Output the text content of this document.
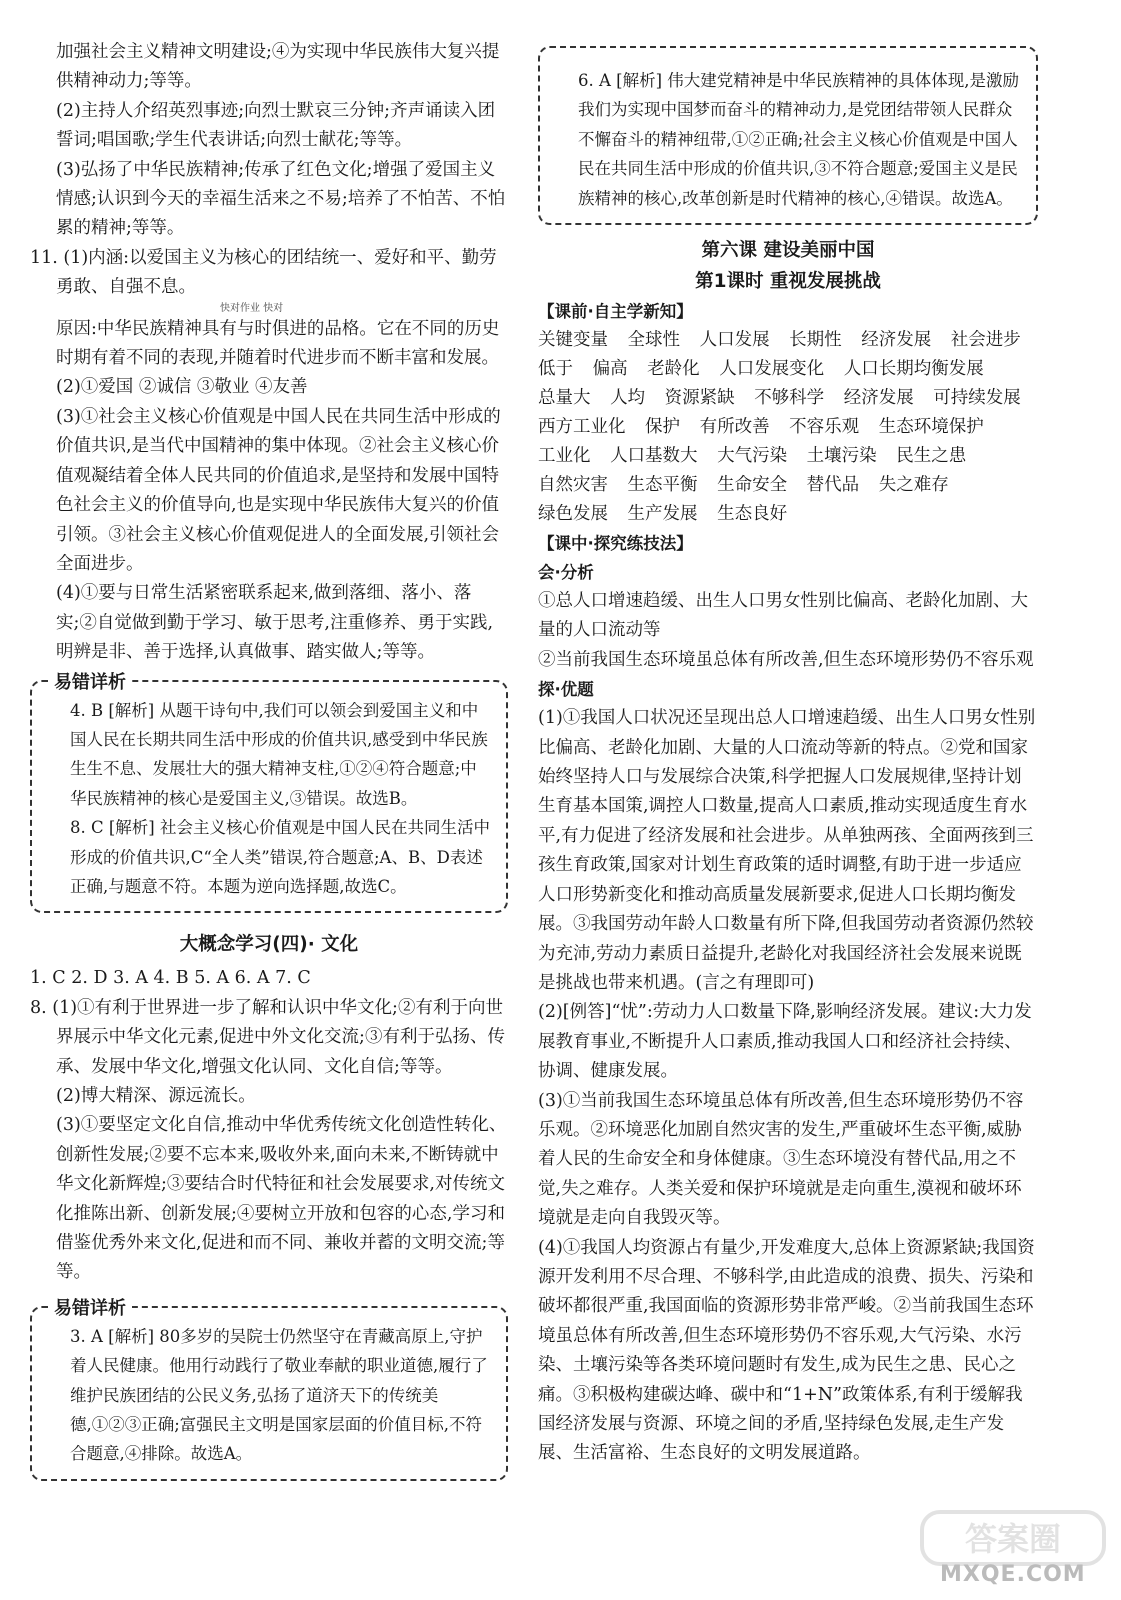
加强社会主义精神文明建设;④为实现中华民族伟大复兴提供精神动力;等等。

(2)主持人介绍英烈事迹;向烈士默哀三分钟;齐声诵读入团誓词;唱国歌;学生代表讲话;向烈士献花;等等。

(3)弘扬了中华民族精神;传承了红色文化;增强了爱国主义情感;认识到今天的幸福生活来之不易;培养了不怕苦、不怕累的精神;等等。

11. (1)内涵:以爱国主义为核心的团结统一、爱好和平、勤劳勇敢、自强不息。

快对作业 快对

原因:中华民族精神具有与时俱进的品格。它在不同的历史时期有着不同的表现,并随着时代进步而不断丰富和发展。

(2)①爱国 ②诚信 ③敬业 ④友善

(3)①社会主义核心价值观是中国人民在共同生活中形成的价值共识,是当代中国精神的集中体现。②社会主义核心价值观凝结着全体人民共同的价值追求,是坚持和发展中国特色社会主义的价值导向,也是实现中华民族伟大复兴的价值引领。③社会主义核心价值观促进人的全面发展,引领社会全面进步。

(4)①要与日常生活紧密联系起来,做到落细、落小、落实;②自觉做到勤于学习、敏于思考,注重修养、勇于实践,明辨是非、善于选择,认真做事、踏实做人;等等。

易错详析

4. B [解析] 从题干诗句中,我们可以领会到爱国主义和中国人民在长期共同生活中形成的价值共识,感受到中华民族生生不息、发展壮大的强大精神支柱,①②④符合题意;中华民族精神的核心是爱国主义,③错误。故选B。

8. C [解析] 社会主义核心价值观是中国人民在共同生活中形成的价值共识,C“全人类”错误,符合题意;A、B、D表述正确,与题意不符。本题为逆向选择题,故选C。

大概念学习(四)· 文化

1. C 2. D 3. A 4. B 5. A 6. A 7. C

8. (1)①有利于世界进一步了解和认识中华文化;②有利于向世界展示中华文化元素,促进中外文化交流;③有利于弘扬、传承、发展中华文化,增强文化认同、文化自信;等等。

(2)博大精深、源远流长。

(3)①要坚定文化自信,推动中华优秀传统文化创造性转化、创新性发展;②要不忘本来,吸收外来,面向未来,不断铸就中华文化新辉煌;③要结合时代特征和社会发展要求,对传统文化推陈出新、创新发展;④要树立开放和包容的心态,学习和借鉴优秀外来文化,促进和而不同、兼收并蓄的文明交流;等等。

易错详析

3. A [解析] 80多岁的吴院士仍然坚守在青藏高原上,守护着人民健康。他用行动践行了敬业奉献的职业道德,履行了维护民族团结的公民义务,弘扬了道济天下的传统美德,①②③正确;富强民主文明是国家层面的价值目标,不符合题意,④排除。故选A。

6. A [解析] 伟大建党精神是中华民族精神的具体体现,是激励我们为实现中国梦而奋斗的精神动力,是党团结带领人民群众不懈奋斗的精神纽带,①②正确;社会主义核心价值观是中国人民在共同生活中形成的价值共识,③不符合题意;爱国主义是民族精神的核心,改革创新是时代精神的核心,④错误。故选A。

第六课 建设美丽中国

第1课时 重视发展挑战

【课前·自主学新知】

关键变量 全球性 人口发展 长期性 经济发展 社会进步

低于 偏高 老龄化 人口发展变化 人口长期均衡发展

总量大 人均 资源紧缺 不够科学 经济发展 可持续发展

西方工业化 保护 有所改善 不容乐观 生态环境保护

工业化 人口基数大 大气污染 土壤污染 民生之患

自然灾害 生态平衡 生命安全 替代品 失之难存

绿色发展 生产发展 生态良好

【课中·探究练技法】

会·分析

①总人口增速趋缓、出生人口男女性别比偏高、老龄化加剧、大量的人口流动等

②当前我国生态环境虽总体有所改善,但生态环境形势仍不容乐观

探·优题

(1)①我国人口状况还呈现出总人口增速趋缓、出生人口男女性别比偏高、老龄化加剧、大量的人口流动等新的特点。②党和国家始终坚持人口与发展综合决策,科学把握人口发展规律,坚持计划生育基本国策,调控人口数量,提高人口素质,推动实现适度生育水平,有力促进了经济发展和社会进步。从单独两孩、全面两孩到三孩生育政策,国家对计划生育政策的适时调整,有助于进一步适应人口形势新变化和推动高质量发展新要求,促进人口长期均衡发展。③我国劳动年龄人口数量有所下降,但我国劳动者资源仍然较为充沛,劳动力素质日益提升,老龄化对我国经济社会发展来说既是挑战也带来机遇。(言之有理即可)

(2)[例答]“忧”:劳动力人口数量下降,影响经济发展。建议:大力发展教育事业,不断提升人口素质,推动我国人口和经济社会持续、协调、健康发展。

(3)①当前我国生态环境虽总体有所改善,但生态环境形势仍不容乐观。②环境恶化加剧自然灾害的发生,严重破坏生态平衡,威胁着人民的生命安全和身体健康。③生态环境没有替代品,用之不觉,失之难存。人类关爱和保护环境就是走向重生,漠视和破坏环境就是走向自我毁灭等。

(4)①我国人均资源占有量少,开发难度大,总体上资源紧缺;我国资源开发利用不尽合理、不够科学,由此造成的浪费、损失、污染和破坏都很严重,我国面临的资源形势非常严峻。②当前我国生态环境虽总体有所改善,但生态环境形势仍不容乐观,大气污染、水污染、土壤污染等各类环境问题时有发生,成为民生之患、民心之痛。③积极构建碳达峰、碳中和“1+N”政策体系,有利于缓解我国经济发展与资源、环境之间的矛盾,坚持绿色发展,走生产发展、生活富裕、生态良好的文明发展道路。

答案圈
MXQE.COM
